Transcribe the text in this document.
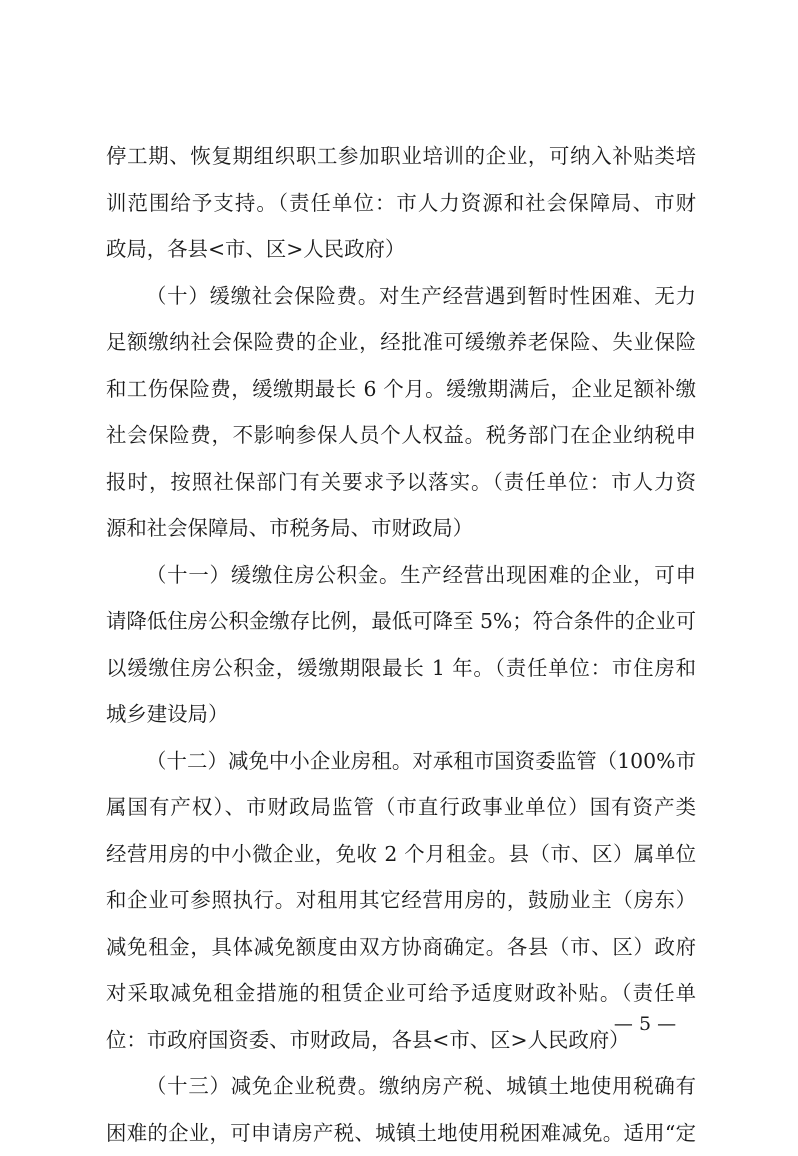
停工期、恢复期组织职工参加职业培训的企业，可纳入补贴类培
训范围给予支持。（责任单位：市人力资源和社会保障局、市财
政局，各县<市、区>人民政府）
（十）缓缴社会保险费。对生产经营遇到暂时性困难、无力
足额缴纳社会保险费的企业，经批准可缓缴养老保险、失业保险
和工伤保险费，缓缴期最长 6 个月。缓缴期满后，企业足额补缴
社会保险费，不影响参保人员个人权益。税务部门在企业纳税申
报时，按照社保部门有关要求予以落实。（责任单位：市人力资
源和社会保障局、市税务局、市财政局）
（十一）缓缴住房公积金。生产经营出现困难的企业，可申
请降低住房公积金缴存比例，最低可降至 5%；符合条件的企业可
以缓缴住房公积金，缓缴期限最长 1 年。（责任单位：市住房和
城乡建设局）
（十二）减免中小企业房租。对承租市国资委监管（100%市
属国有产权）、市财政局监管（市直行政事业单位）国有资产类
经营用房的中小微企业，免收 2 个月租金。县（市、区）属单位
和企业可参照执行。对租用其它经营用房的，鼓励业主（房东）
减免租金，具体减免额度由双方协商确定。各县（市、区）政府
对采取减免租金措施的租赁企业可给予适度财政补贴。（责任单
位：市政府国资委、市财政局，各县<市、区>人民政府）
（十三）减免企业税费。缴纳房产税、城镇土地使用税确有
困难的企业，可申请房产税、城镇土地使用税困难减免。适用“定
— 5 —
